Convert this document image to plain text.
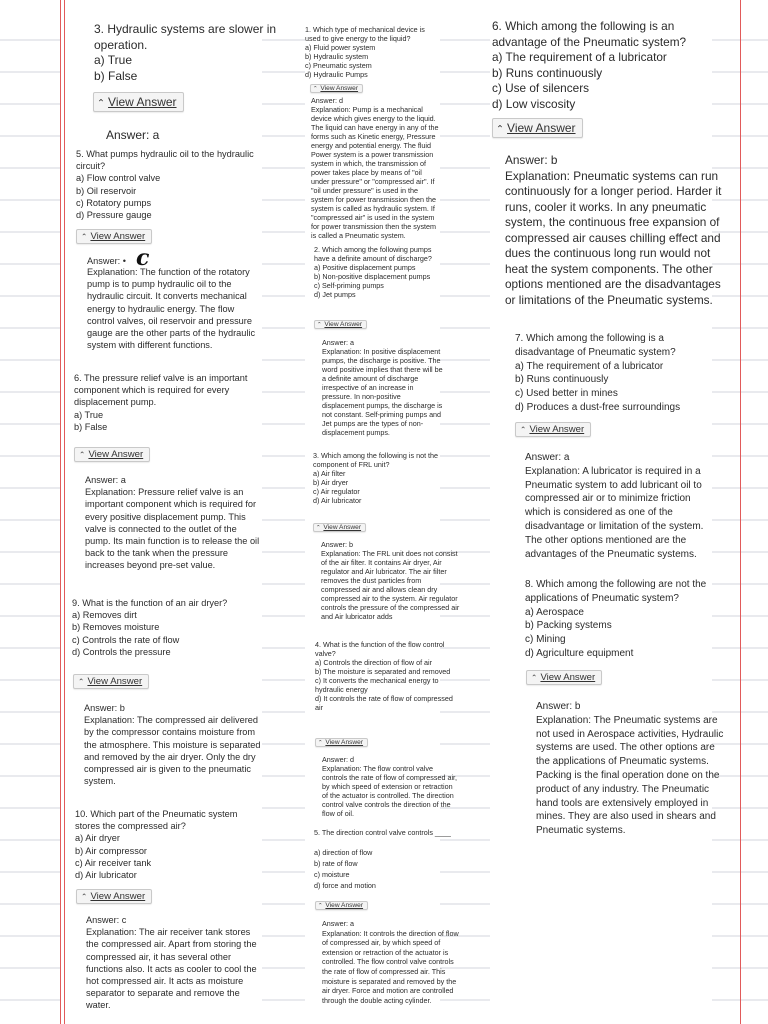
3. Hydraulic systems are slower in operation.

a) True

b) False

⌃ View Answer
Answer: a

5. What pumps hydraulic oil to the hydraulic circuit?

a) Flow control valve

b) Oil reservoir

c) Rotatory pumps

d) Pressure gauge

⌃ View Answer
Answer: • c
Explanation: The function of the rotatory pump is to pump hydraulic oil to the hydraulic circuit. It converts mechanical energy to hydraulic energy. The flow control valves, oil reservoir and pressure gauge are the other parts of the hydraulic system with different functions.

6. The pressure relief valve is an important component which is required for every displacement pump.

a) True

b) False

⌃ View Answer

Answer: a

Explanation: Pressure relief valve is an important component which is required for every positive displacement pump. This valve is connected to the outlet of the pump. Its main function is to release the oil back to the tank when the pressure increases beyond pre-set value.

9. What is the function of an air dryer?

a) Removes dirt

b) Removes moisture

c) Controls the rate of flow

d) Controls the pressure

⌃ View Answer

Answer: b

Explanation: The compressed air delivered by the compressor contains moisture from the atmosphere. This moisture is separated and removed by the air dryer. Only the dry compressed air is given to the pneumatic system.

10. Which part of the Pneumatic system stores the compressed air?

a) Air dryer

b) Air compressor

c) Air receiver tank

d) Air lubricator

⌃ View Answer

Answer: c

Explanation: The air receiver tank stores the compressed air. Apart from storing the compressed air, it has several other functions also. It acts as cooler to cool the hot compressed air. It acts as moisture separator to separate and remove the water.

1. Which type of mechanical device is used to give energy to the liquid?

a) Fluid power system

b) Hydraulic system

c) Pneumatic system

d) Hydraulic Pumps

⌃ View Answer

Answer: d

Explanation: Pump is a mechanical device which gives energy to the liquid. The liquid can have energy in any of the forms such as Kinetic energy, Pressure energy and potential energy. The fluid Power system is a power transmission system in which, the transmission of power takes place by means of "oil under pressure" or "compressed air". If "oil under pressure" is used in the system for power transmission then the system is called as hydraulic system. If "compressed air" is used in the system for power transmission then the system is called a Pneumatic system.

2. Which among the following pumps have a definite amount of discharge?

a) Positive displacement pumps

b) Non-positive displacement pumps

c) Self-priming pumps

d) Jet pumps

⌃ View Answer

Answer: a

Explanation: In positive displacement pumps, the discharge is positive. The word positive implies that there will be a definite amount of discharge irrespective of an increase in pressure. In non-positive displacement pumps, the discharge is not constant. Self-priming pumps and Jet pumps are the types of non-displacement pumps.

3. Which among the following is not the component of FRL unit?

a) Air filter

b) Air dryer

c) Air regulator

d) Air lubricator

⌃ View Answer

Answer: b

Explanation: The FRL unit does not consist of the air filter. It contains Air dryer, Air regulator and Air lubricator. The air filter removes the dust particles from compressed air and allows clean dry compressed air to the system. Air regulator controls the pressure of the compressed air and Air lubricator adds

4. What is the function of the flow control valve?

a) Controls the direction of flow of air

b) The moisture is separated and removed

c) It converts the mechanical energy to hydraulic energy

d) It controls the rate of flow of compressed air

⌃ View Answer

Answer: d

Explanation: The flow control valve controls the rate of flow of compressed air, by which speed of extension or retraction of the actuator is controlled. The direction control valve controls the direction of the flow of oil.

5. The direction control valve controls ____

a) direction of flow

b) rate of flow

c) moisture

d) force and motion

⌃ View Answer

Answer: a

Explanation: It controls the direction of flow of compressed air, by which speed of extension or retraction of the actuator is controlled. The flow control valve controls the rate of flow of compressed air. This moisture is separated and removed by the air dryer. Force and motion are controlled through the double acting cylinder.

6. Which among the following is an advantage of the Pneumatic system?

a) The requirement of a lubricator

b) Runs continuously

c) Use of silencers

d) Low viscosity

⌃ View Answer

Answer: b

Explanation: Pneumatic systems can run continuously for a longer period. Harder it runs, cooler it works. In any pneumatic system, the continuous free expansion of compressed air causes chilling effect and dues the continuous long run would not heat the system components. The other options mentioned are the disadvantages or limitations of the Pneumatic systems.

7. Which among the following is a disadvantage of Pneumatic system?

a) The requirement of a lubricator

b) Runs continuously

c) Used better in mines

d) Produces a dust-free surroundings

⌃ View Answer

Answer: a

Explanation: A lubricator is required in a Pneumatic system to add lubricant oil to compressed air or to minimize friction which is considered as one of the disadvantage or limitation of the system. The other options mentioned are the advantages of the Pneumatic systems.

8. Which among the following are not the applications of Pneumatic system?

a) Aerospace

b) Packing systems

c) Mining

d) Agriculture equipment

⌃ View Answer

Answer: b

Explanation: The Pneumatic systems are not used in Aerospace activities, Hydraulic systems are used. The other options are the applications of Pneumatic systems. Packing is the final operation done on the product of any industry. The Pneumatic hand tools are extensively employed in mines. They are also used in shears and Pneumatic systems.
